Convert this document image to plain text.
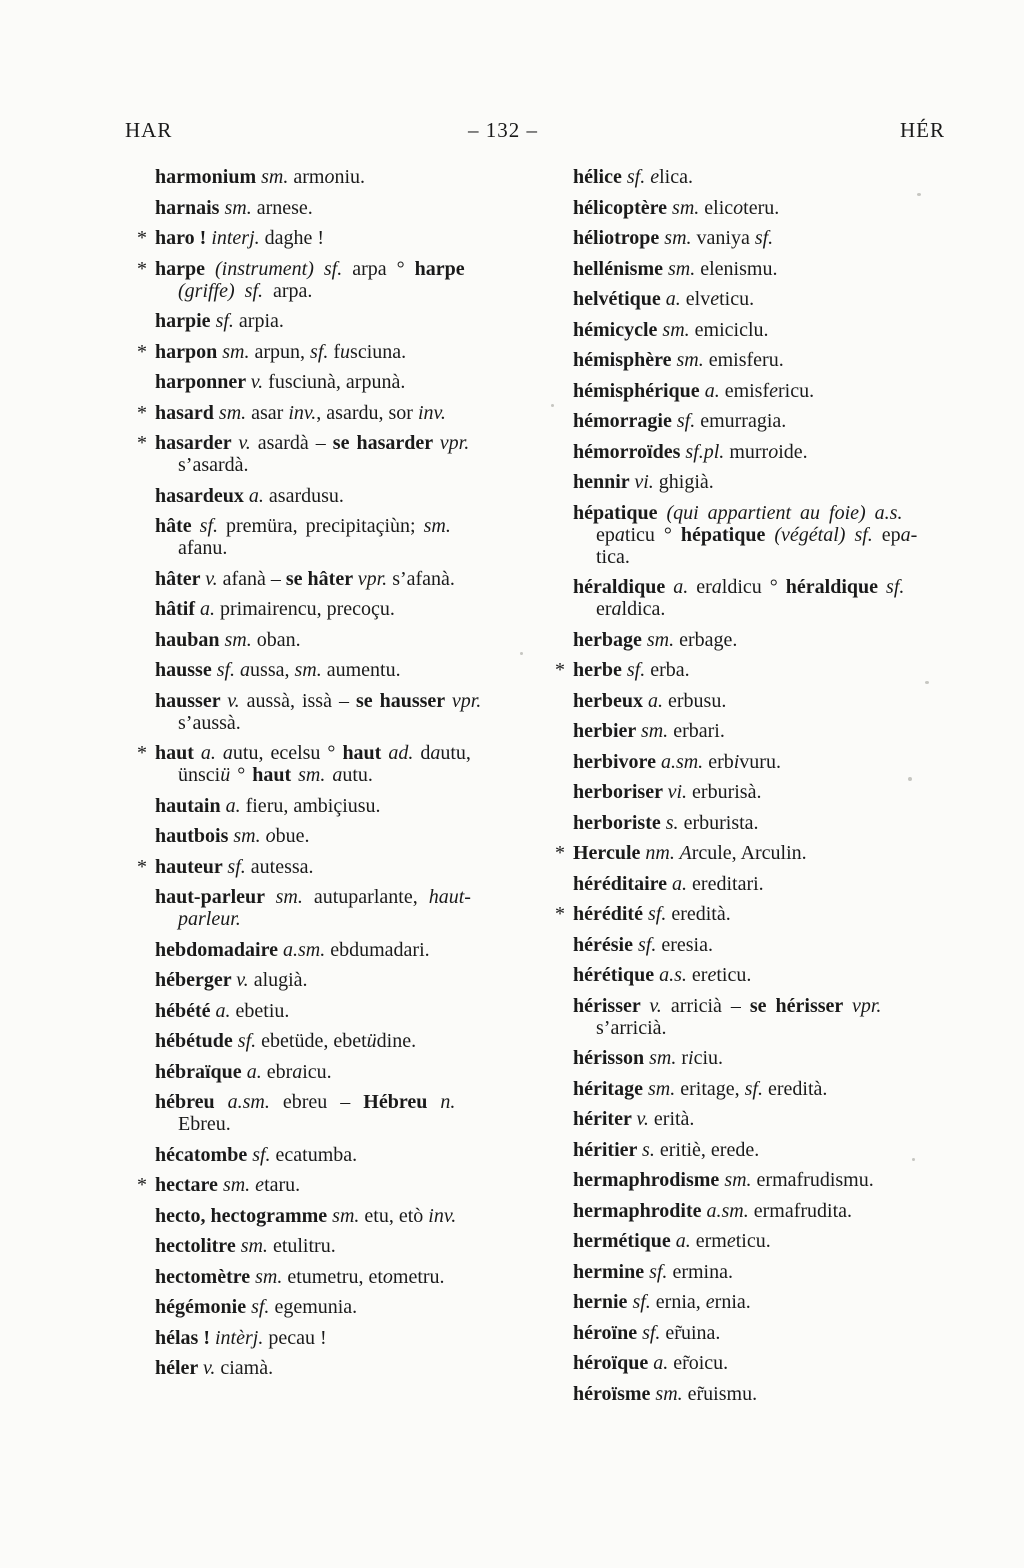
HAR	– 132 –	HÉR
harmonium sm. armoniu.
harnais sm. arnese.
* haro ! interj. daghe !
* harpe (instrument) sf. arpa ° harpe
(griffe) sf. arpa.
harpie sf. arpia.
* harpon sm. arpun, sf. fusciuna.
harponner v. fusciunà, arpunà.
* hasard sm. asar inv., asardu, sor inv.
* hasarder v. asardà – se hasarder vpr.
s’asardà.
hasardeux a. asardusu.
hâte sf. premüra, precipitaçiùn; sm.
afanu.
hâter v. afanà – se hâter vpr. s’afanà.
hâtif a. primairencu, precoçu.
hauban sm. oban.
hausse sf. aussa, sm. aumentu.
hausser v. aussà, issà – se hausser vpr.
s’aussà.
* haut a. autu, ecelsu ° haut ad. dautu,
ünsciü ° haut sm. autu.
hautain a. fieru, ambiçiusu.
hautbois sm. obue.
* hauteur sf. autessa.
haut-parleur sm. autuparlante, haut-
parleur.
hebdomadaire a.sm. ebdumadari.
héberger v. alugià.
hébété a. ebetiu.
hébétude sf. ebetüde, ebetüdine.
hébraïque a. ebraicu.
hébreu a.sm. ebreu – Hébreu n.
Ebreu.
hécatombe sf. ecatumba.
* hectare sm. etaru.
hecto, hectogramme sm. etu, etò inv.
hectolitre sm. etulitru.
hectomètre sm. etumetru, etometru.
hégémonie sf. egemunia.
hélas ! intèrj. pecau !
héler v. ciamà.
hélice sf. elica.
hélicoptère sm. elicoteru.
héliotrope sm. vaniya sf.
hellénisme sm. elenismu.
helvétique a. elveticu.
hémicycle sm. emiciclu.
hémisphère sm. emisferu.
hémisphérique a. emisfericu.
hémorragie sf. emurragia.
hémorroïdes sf.pl. murroide.
hennir vi. ghigià.
hépatique (qui appartient au foie) a.s.
epaticu ° hépatique (végétal) sf. epa-
tica.
héraldique a. eraldicu ° héraldique sf.
eraldica.
herbage sm. erbage.
* herbe sf. erba.
herbeux a. erbusu.
herbier sm. erbari.
herbivore a.sm. erbivuru.
herboriser vi. erburisà.
herboriste s. erburista.
* Hercule nm. Arcule, Arculin.
héréditaire a. ereditari.
* hérédité sf. eredità.
hérésie sf. eresia.
hérétique a.s. ereticu.
hérisser v. arricià – se hérisser vpr.
s’arricià.
hérisson sm. riciu.
héritage sm. eritage, sf. eredità.
hériter v. erità.
héritier s. eritiè, erede.
hermaphrodisme sm. ermafrudismu.
hermaphrodite a.sm. ermafrudita.
hermétique a. ermeticu.
hermine sf. ermina.
hernie sf. ernia, ernia.
héroïne sf. er̃uina.
héroïque a. er̃oicu.
héroïsme sm. er̃uismu.
